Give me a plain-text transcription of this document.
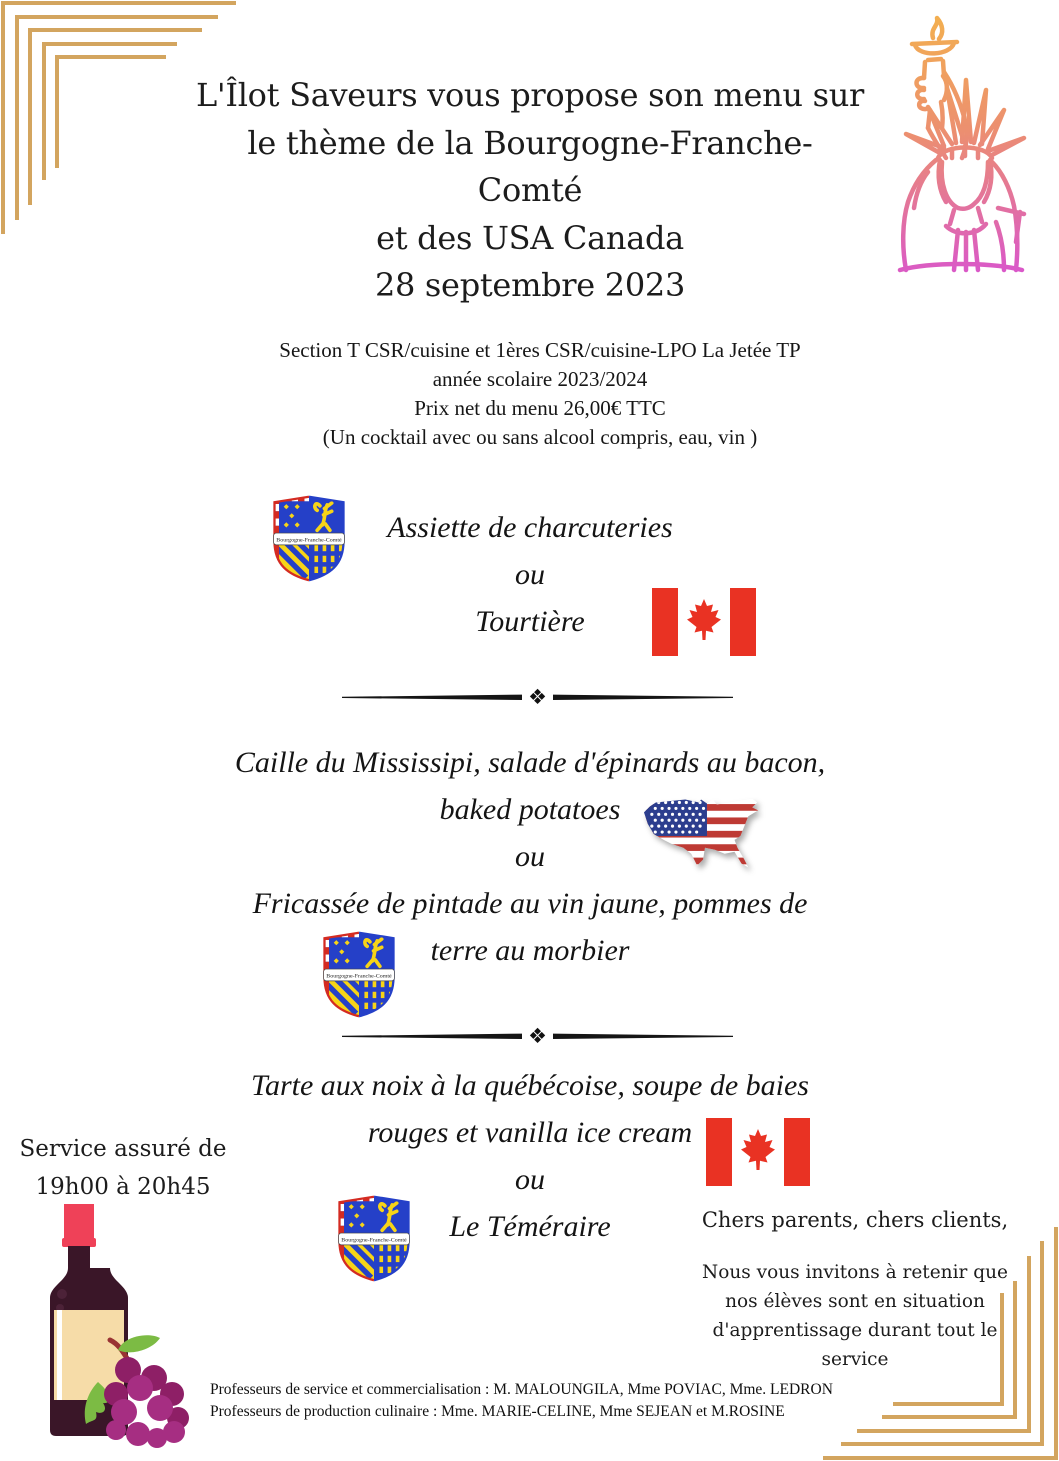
L'Îlot Saveurs vous propose son menu sur
le thème de la Bourgogne-Franche-
Comté
et des USA Canada
28 septembre 2023
Section T CSR/cuisine et 1ères CSR/cuisine-LPO La Jetée TP
année scolaire 2023/2024
Prix net du menu 26,00€ TTC
(Un cocktail avec ou sans alcool compris, eau, vin )
Assiette de charcuteries
ou
Tourtière
Bourgogne-Franche-Comté
❖
Caille du Mississipi, salade d'épinards au bacon,
baked potatoes
ou
Fricassée de pintade au vin jaune, pommes de
terre au morbier
❖
Tarte aux noix à la québécoise, soupe de baies
rouges et vanilla ice cream
ou
Le Téméraire
Service assuré de
19h00 à 20h45
Chers parents, chers clients,
Nous vous invitons à retenir que
nos élèves sont en situation
d'apprentissage durant tout le
service
Professeurs de service et commercialisation : M. MALOUNGILA, Mme POVIAC, Mme. LEDRON
Professeurs de production culinaire : Mme. MARIE-CELINE, Mme SEJEAN et M.ROSINE
